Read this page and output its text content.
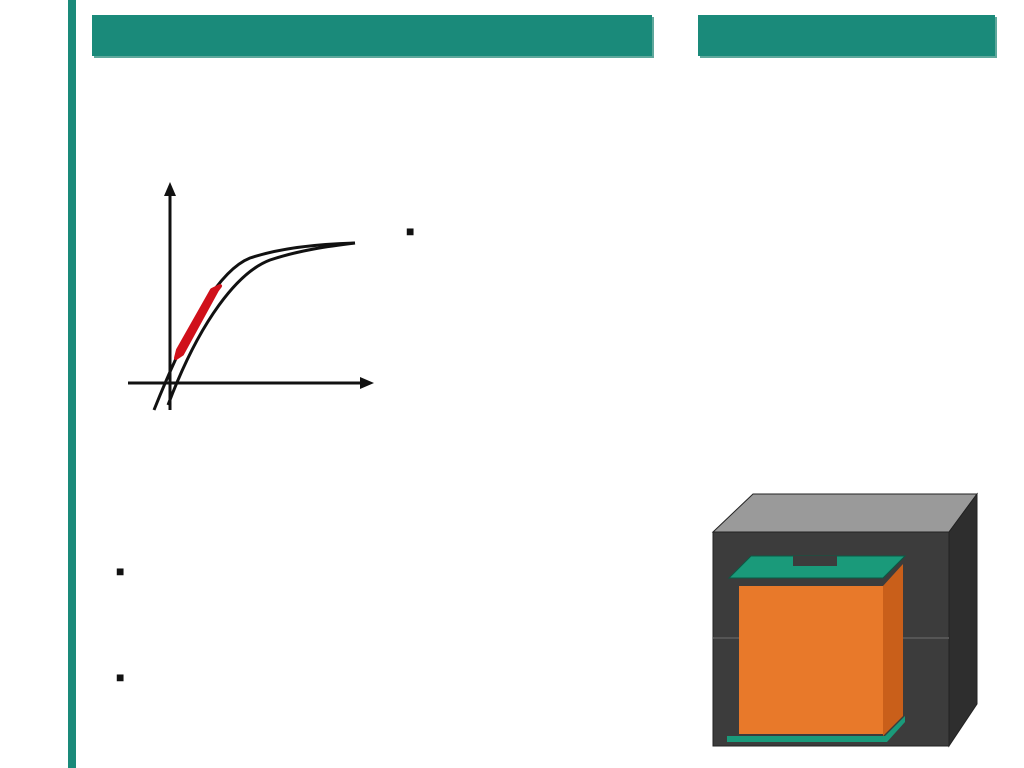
■
■
■
